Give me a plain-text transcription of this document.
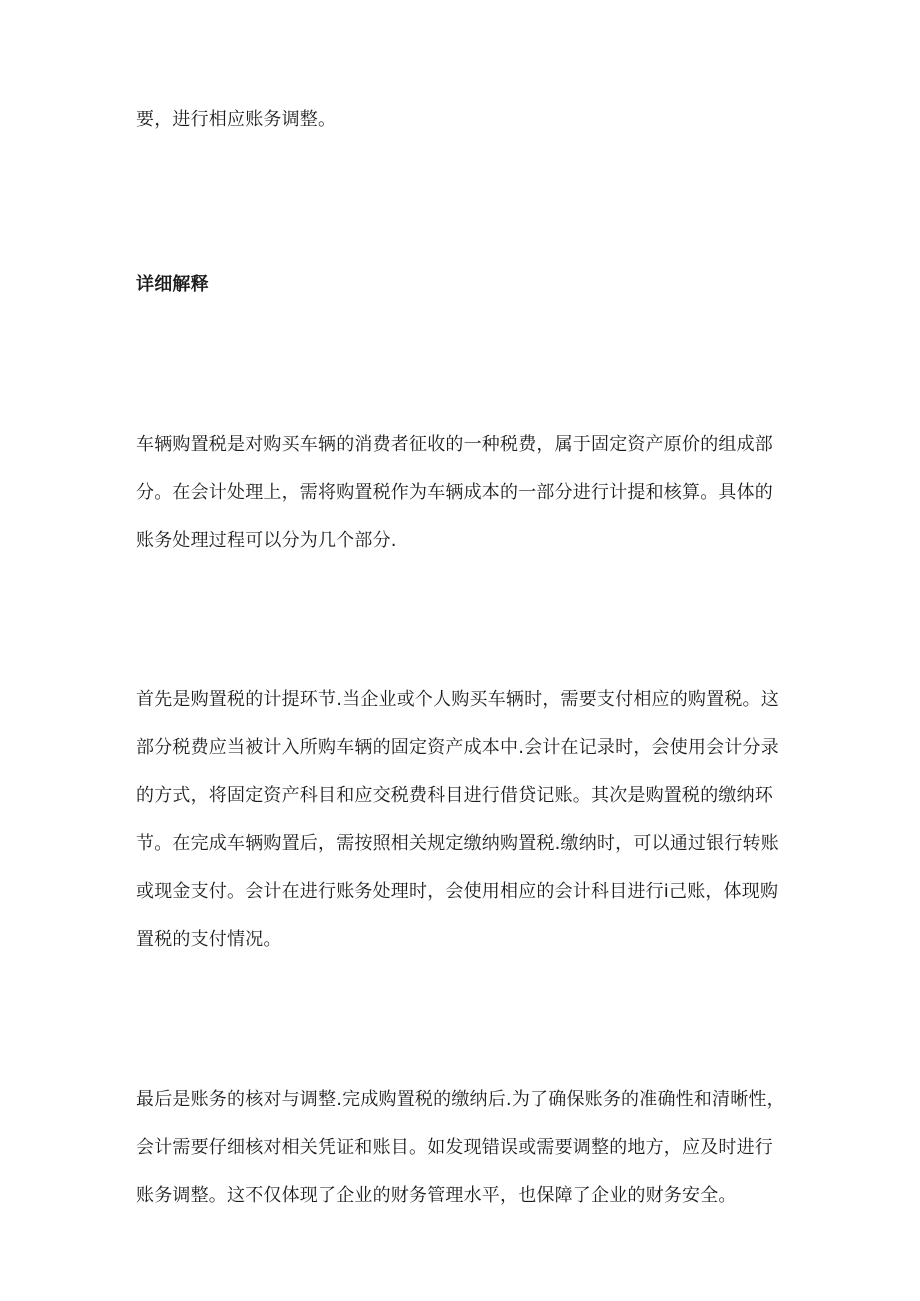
要，进行相应账务调整。

详细解释

车辆购置税是对购买车辆的消费者征收的一种税费，属于固定资产原价的组成部

分。在会计处理上，需将购置税作为车辆成本的一部分进行计提和核算。具体的

账务处理过程可以分为几个部分.

首先是购置税的计提环节.当企业或个人购买车辆时，需要支付相应的购置税。这

部分税费应当被计入所购车辆的固定资产成本中.会计在记录时，会使用会计分录

的方式，将固定资产科目和应交税费科目进行借贷记账。其次是购置税的缴纳环

节。在完成车辆购置后，需按照相关规定缴纳购置税.缴纳时，可以通过银行转账

或现金支付。会计在进行账务处理时，会使用相应的会计科目进行i己账，体现购

置税的支付情况。

最后是账务的核对与调整.完成购置税的缴纳后.为了确保账务的准确性和清晰性，

会计需要仔细核对相关凭证和账目。如发现错误或需要调整的地方，应及时进行

账务调整。这不仅体现了企业的财务管理水平，也保障了企业的财务安全。
